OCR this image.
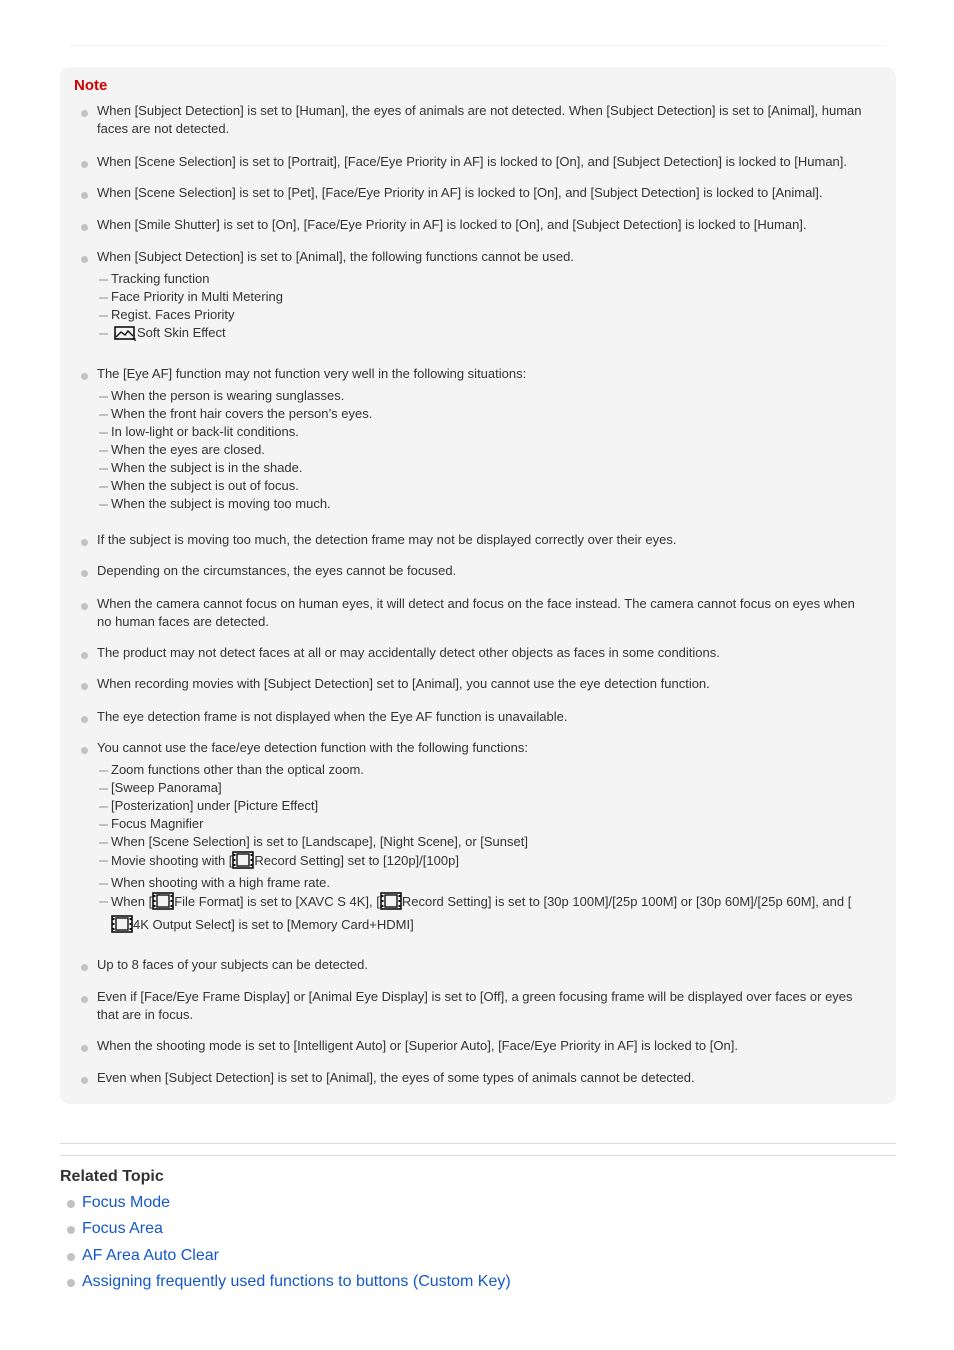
Note

When [Subject Detection] is set to [Human], the eyes of animals are not detected. When [Subject Detection] is set to [Animal], human faces are not detected.
When [Scene Selection] is set to [Portrait], [Face/Eye Priority in AF] is locked to [On], and [Subject Detection] is locked to [Human].
When [Scene Selection] is set to [Pet], [Face/Eye Priority in AF] is locked to [On], and [Subject Detection] is locked to [Animal].
When [Smile Shutter] is set to [On], [Face/Eye Priority in AF] is locked to [On], and [Subject Detection] is locked to [Human].
When [Subject Detection] is set to [Animal], the following functions cannot be used.
Tracking function
Face Priority in Multi Metering
Regist. Faces Priority
Soft Skin Effect
The [Eye AF] function may not function very well in the following situations:
When the person is wearing sunglasses.
When the front hair covers the person’s eyes.
In low-light or back-lit conditions.
When the eyes are closed.
When the subject is in the shade.
When the subject is out of focus.
When the subject is moving too much.
If the subject is moving too much, the detection frame may not be displayed correctly over their eyes.
Depending on the circumstances, the eyes cannot be focused.
When the camera cannot focus on human eyes, it will detect and focus on the face instead. The camera cannot focus on eyes when no human faces are detected.
The product may not detect faces at all or may accidentally detect other objects as faces in some conditions.
When recording movies with [Subject Detection] set to [Animal], you cannot use the eye detection function.
The eye detection frame is not displayed when the Eye AF function is unavailable.
You cannot use the face/eye detection function with the following functions:
Zoom functions other than the optical zoom.
[Sweep Panorama]
[Posterization] under [Picture Effect]
Focus Magnifier
When [Scene Selection] is set to [Landscape], [Night Scene], or [Sunset]
Movie shooting with [ Record Setting] set to [120p]/[100p]
When shooting with a high frame rate.
When [ File Format] is set to [XAVC S 4K], [ Record Setting] is set to [30p 100M]/[25p 100M] or [30p 60M]/[25p 60M], and [4K Output Select] is set to [Memory Card+HDMI]
Up to 8 faces of your subjects can be detected.
Even if [Face/Eye Frame Display] or [Animal Eye Display] is set to [Off], a green focusing frame will be displayed over faces or eyes that are in focus.
When the shooting mode is set to [Intelligent Auto] or [Superior Auto], [Face/Eye Priority in AF] is locked to [On].
Even when [Subject Detection] is set to [Animal], the eyes of some types of animals cannot be detected.

Related Topic

Focus Mode
Focus Area
AF Area Auto Clear
Assigning frequently used functions to buttons (Custom Key)
